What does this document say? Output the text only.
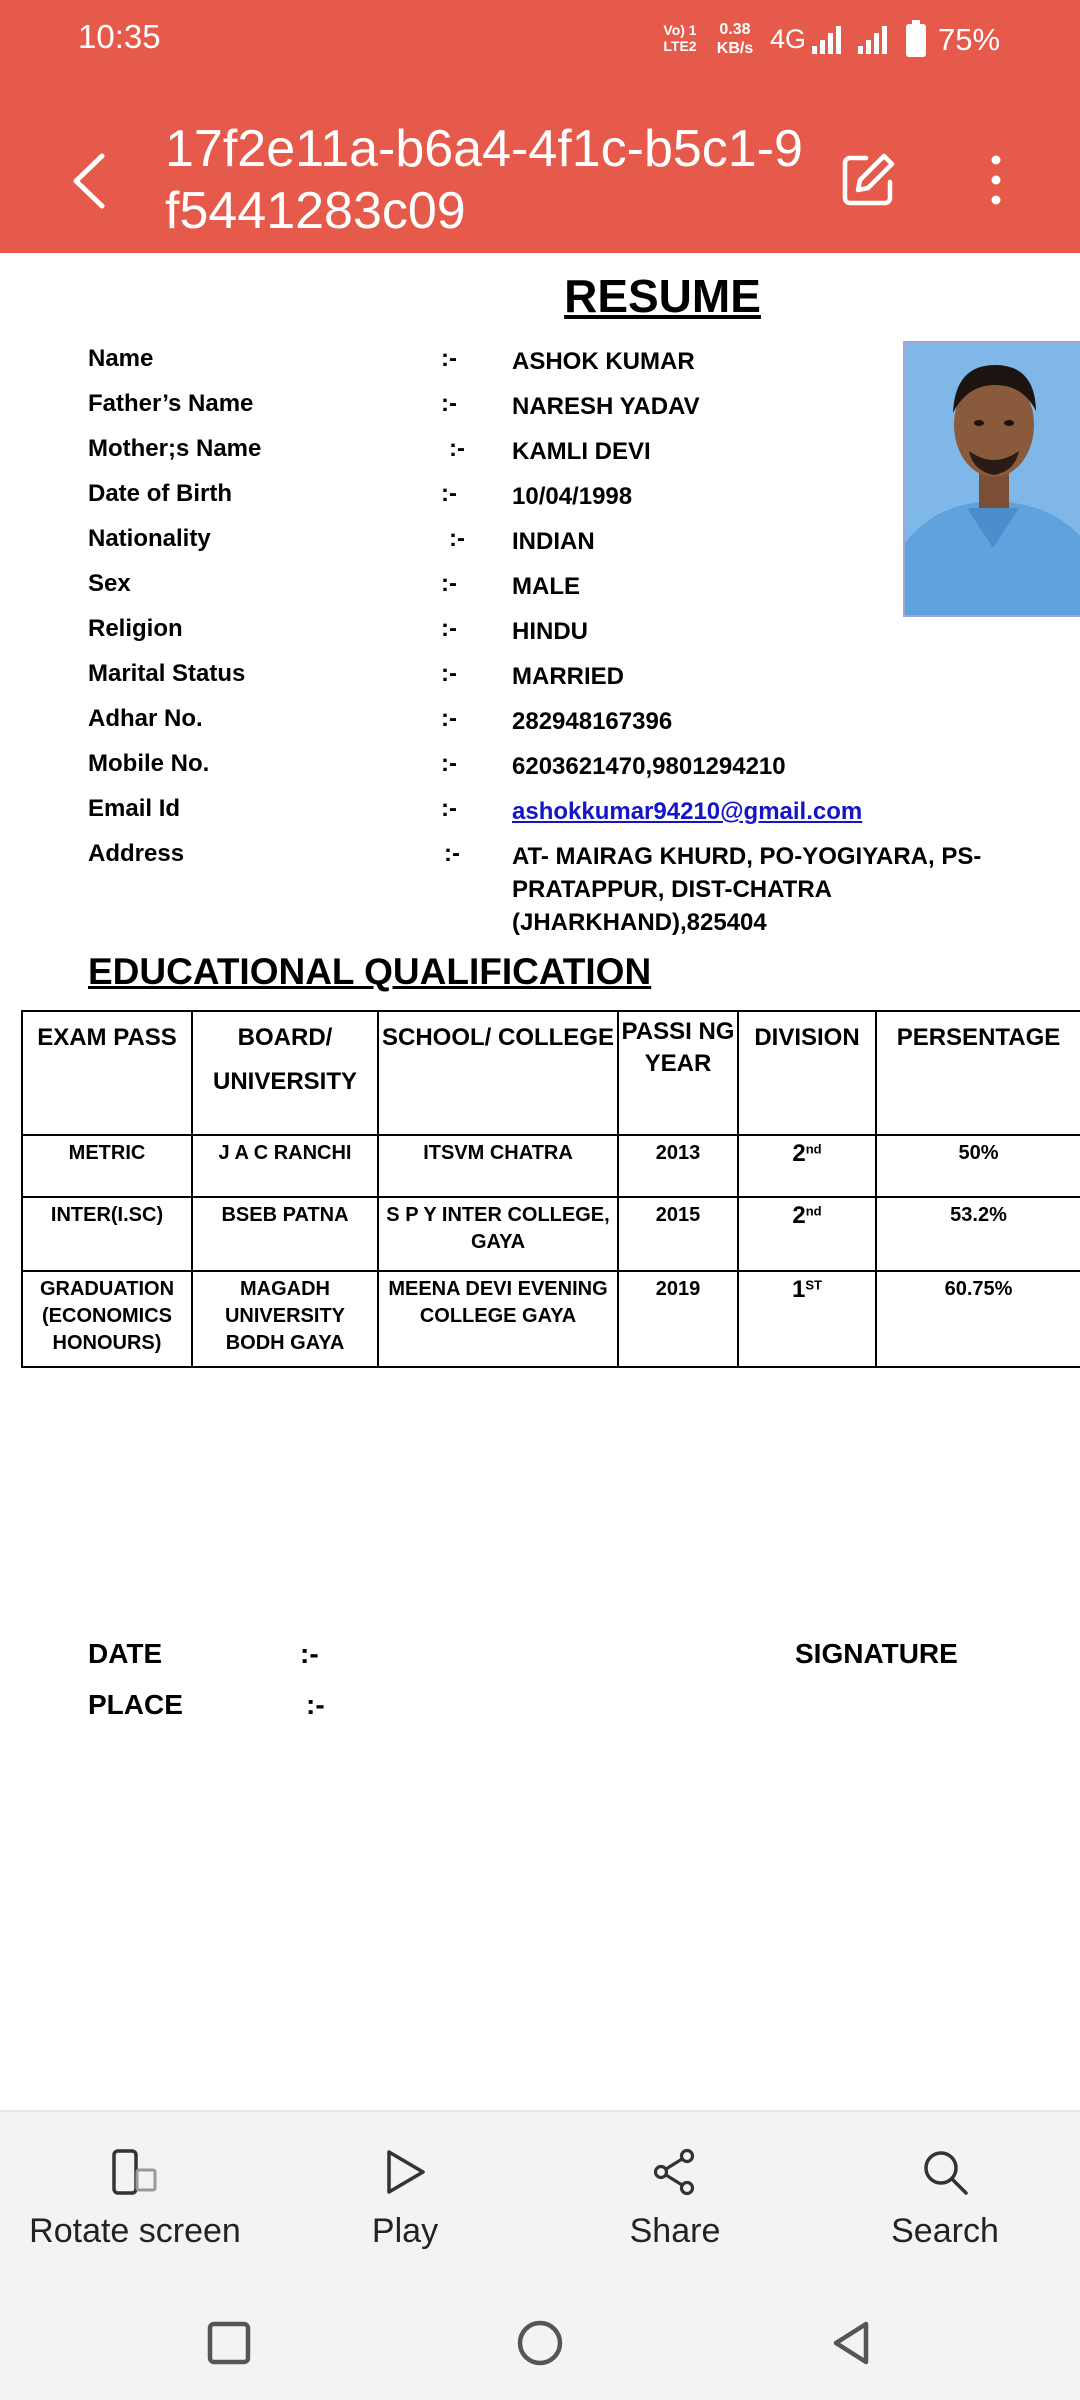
10:35	Vo) 1
LTE2
0.38
KB/s 4G	75%
17f2e11a-b6a4-4f1c-b5c1-9f5441283c09
RESUME
Name	:- ASHOK KUMAR
Father’s Name	:- NARESH YADAV
Mother;s Name	:- KAMLI DEVI
Date of Birth	:- 10/04/1998
Nationality	:- INDIAN
Sex	:- MALE
Religion	:- HINDU
Marital Status	:- MARRIED
Adhar No.	:- 282948167396
Mobile No.	:- 6203621470,9801294210
Email Id	:- ashokkumar94210@gmail.com
Address	:- AT- MAIRAG KHURD, PO-YOGIYARA, PS-PRATAPPUR, DIST-CHATRA (JHARKHAND),825404
EDUCATIONAL QUALIFICATION
EXAM PASS	BOARD/ UNIVERSITY	SCHOOL/ COLLEGE	PASSI NG YEAR	DIVISION	PERSENTAGE
METRIC	J A C RANCHI	ITSVM CHATRA	2013	2nd	50%
INTER(I.SC)	BSEB PATNA	S P Y INTER COLLEGE, GAYA	2015	2nd	53.2%
GRADUATION (ECONOMICS HONOURS)	MAGADH UNIVERSITY BODH GAYA	MEENA DEVI EVENING COLLEGE GAYA	2019	1ST	60.75%
DATE	:-	SIGNATURE
PLACE	:-
Rotate screen	Play	Share	Search
